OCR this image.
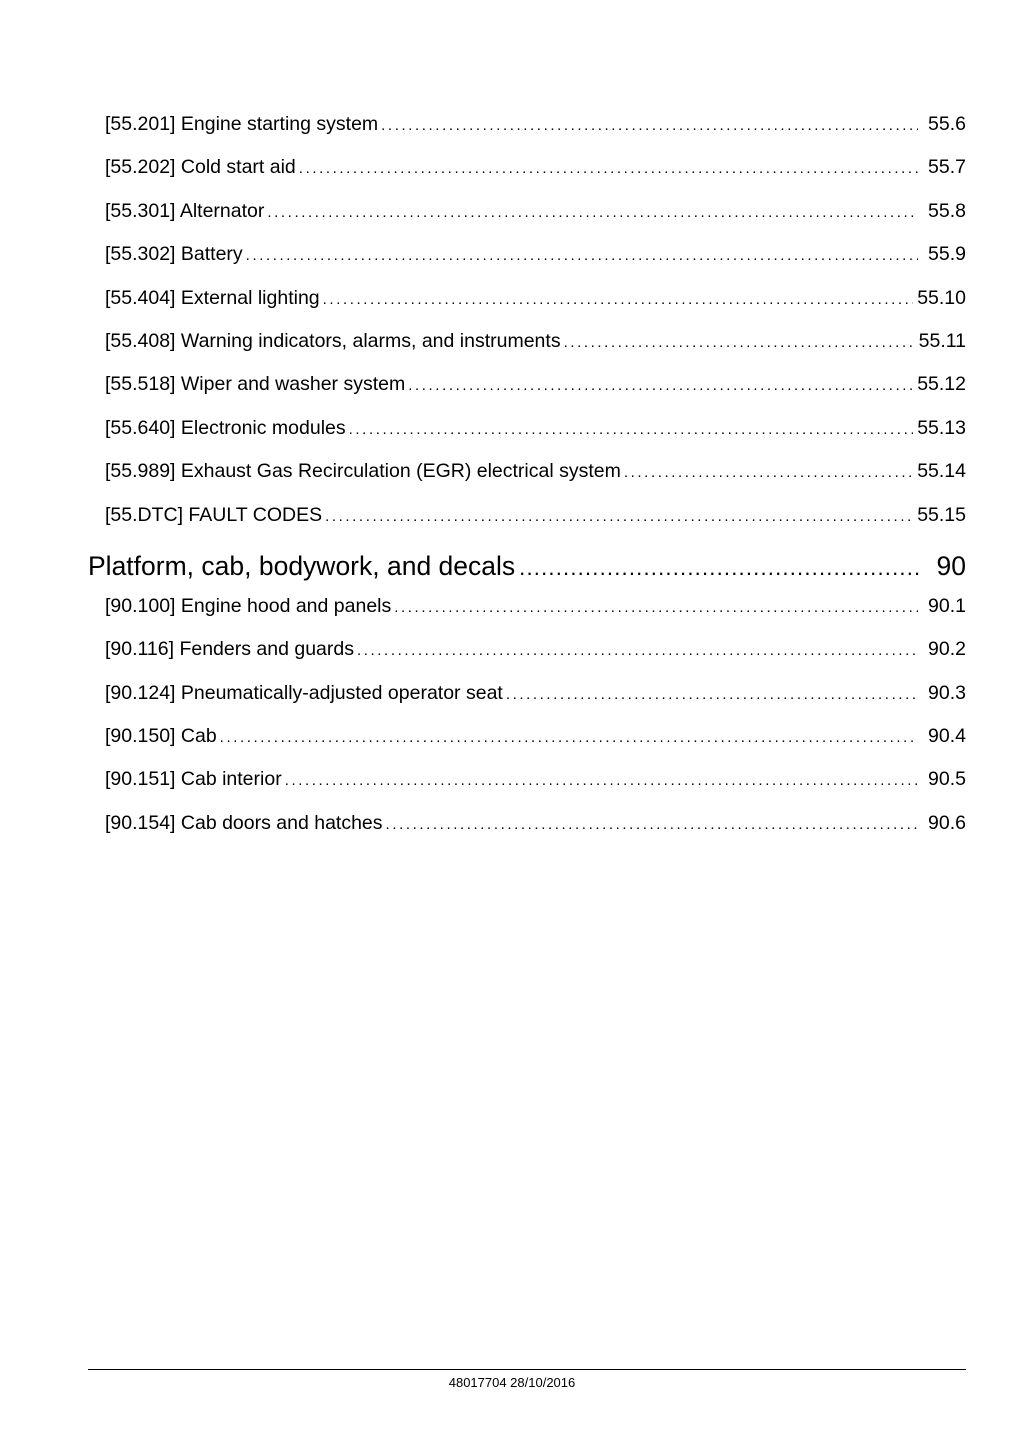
[55.201] Engine starting system .....	55.6
[55.202] Cold start aid .....	55.7
[55.301] Alternator .....	55.8
[55.302] Battery .....	55.9
[55.404] External lighting .....	55.10
[55.408] Warning indicators, alarms, and instruments .....	55.11
[55.518] Wiper and washer system .....	55.12
[55.640] Electronic modules .....	55.13
[55.989] Exhaust Gas Recirculation (EGR) electrical system .....	55.14
[55.DTC] FAULT CODES .....	55.15
Platform, cab, bodywork, and decals .....	90
[90.100] Engine hood and panels .....	90.1
[90.116] Fenders and guards .....	90.2
[90.124] Pneumatically-adjusted operator seat .....	90.3
[90.150] Cab .....	90.4
[90.151] Cab interior .....	90.5
[90.154] Cab doors and hatches .....	90.6
48017704 28/10/2016
